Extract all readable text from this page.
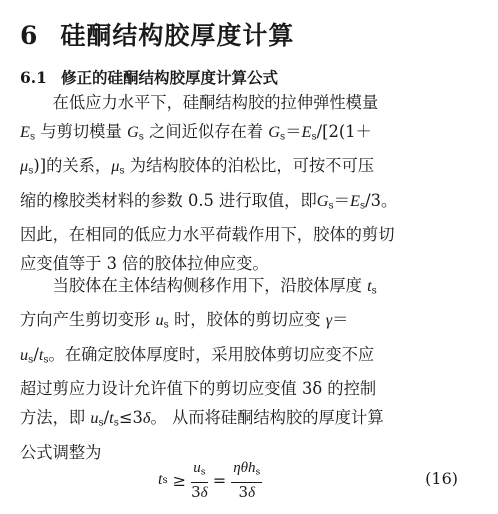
6 硅酮结构胶厚度计算
6.1 修正的硅酮结构胶厚度计算公式
在低应力水平下，硅酮结构胶的拉伸弹性模量
$E_s$ 与剪切模量 $G_s$ 之间近似存在着 $G_s=E_s/[2(1+$
$\mu_s$)]的关系，$\mu_s$ 为结构胶体的泊松比，可按不可压
缩的橡胶类材料的参数 0.5 进行取值，即$G_s=E_s/3$。
因此，在相同的低应力水平荷载作用下，胶体的剪切
应变值等于 3 倍的胶体拉伸应变。
当胶体在主体结构侧移作用下，沿胶体厚度 $t_s$
方向产生剪切变形 $u_s$ 时，胶体的剪切应变 γ＝
$u_s/t_s$。在确定胶体厚度时，采用胶体剪切应变不应
超过剪应力设计允许值下的剪切应变值 3δ 的控制
方法，即 $u_s/t_s\le 3\delta$。 从而将硅酮结构胶的厚度计算
公式调整为
t $s \ge \frac{u_s}{3\delta} = \frac{\eta\theta h_s}{3\delta}$	(16)
